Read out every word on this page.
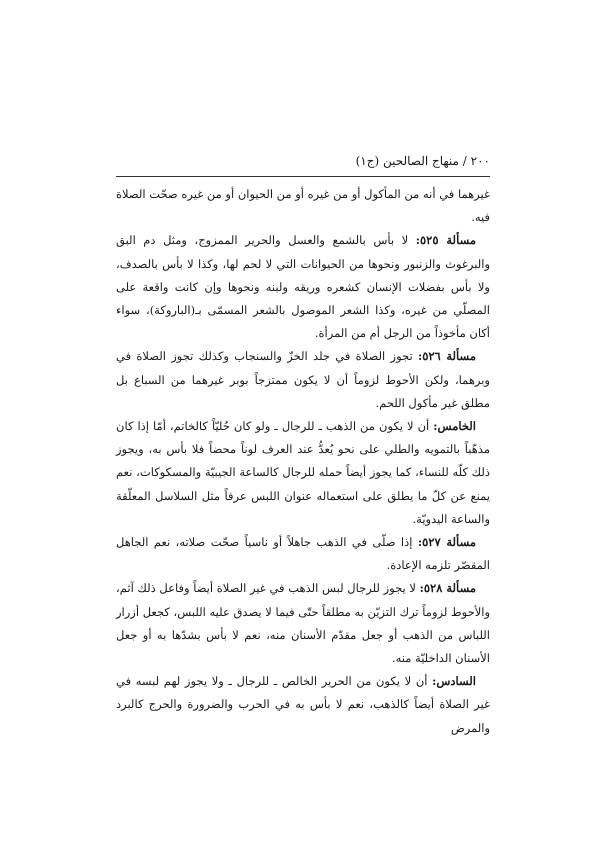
٢٠٠ / منهاج الصالحين (ج١)

غيرهما في أنه من المأكول أو من غيره أو من الحيوان أو من غيره صحّت الصلاة فيه.

مسألة ٥٢٥: لا بأس بالشمع والعسل والحرير الممزوج، ومثل دم البق والبرغوث والزنبور ونحوها من الحيوانات التي لا لحم لها، وكذا لا بأس بالصدف، ولا بأس بفضلات الإنسان كشعره وريقه ولبنه ونحوها وإن كانت واقعة على المصلّي من غيره، وكذا الشعر الموصول بالشعر المسمّى بـ(الباروكة)، سواء أكان مأخوذاً من الرجل أم من المرأة.

مسألة ٥٢٦: تجوز الصلاة في جلد الخزّ والسنجاب وكذلك تجوز الصلاة في وبرهما، ولكن الأحوط لزوماً أن لا يكون ممتزجاً بوبر غيرهما من السباع بل مطلق غير مأكول اللحم.

الخامس: أن لا يكون من الذهب ـ للرجال ـ ولو كان حُليّاً كالخاتم، أمّا إذا كان مذهّباً بالتمويه والطلي على نحو يُعدُّ عند العرف لوناً محضاً فلا بأس به، ويجوز ذلك كلّه للنساء، كما يجوز أيضاً حمله للرجال كالساعة الجيبيّة والمسكوكات، نعم يمنع عن كلّ ما يطلق على استعماله عنوان اللبس عرفاً مثل السلاسل المعلّقة والساعة اليدويّة.

مسألة ٥٢٧: إذا صلّى في الذهب جاهلاً أو ناسياً صحّت صلاته، نعم الجاهل المقصّر تلزمه الإعادة.

مسألة ٥٢٨: لا يجوز للرجال لبس الذهب في غير الصلاة أيضاً وفاعل ذلك آثم، والأحوط لزوماً ترك التزيّن به مطلقاً حتّى فيما لا يصدق عليه اللبس، كجعل أزرار اللباس من الذهب أو جعل مقدّم الأسنان منه، نعم لا بأس بشدّها به أو جعل الأسنان الداخليّة منه.

السادس: أن لا يكون من الحرير الخالص ـ للرجال ـ ولا يجوز لهم لبسه في غير الصلاة أيضاً كالذهب، نعم لا بأس به في الحرب والضرورة والحرج كالبرد والمرض
